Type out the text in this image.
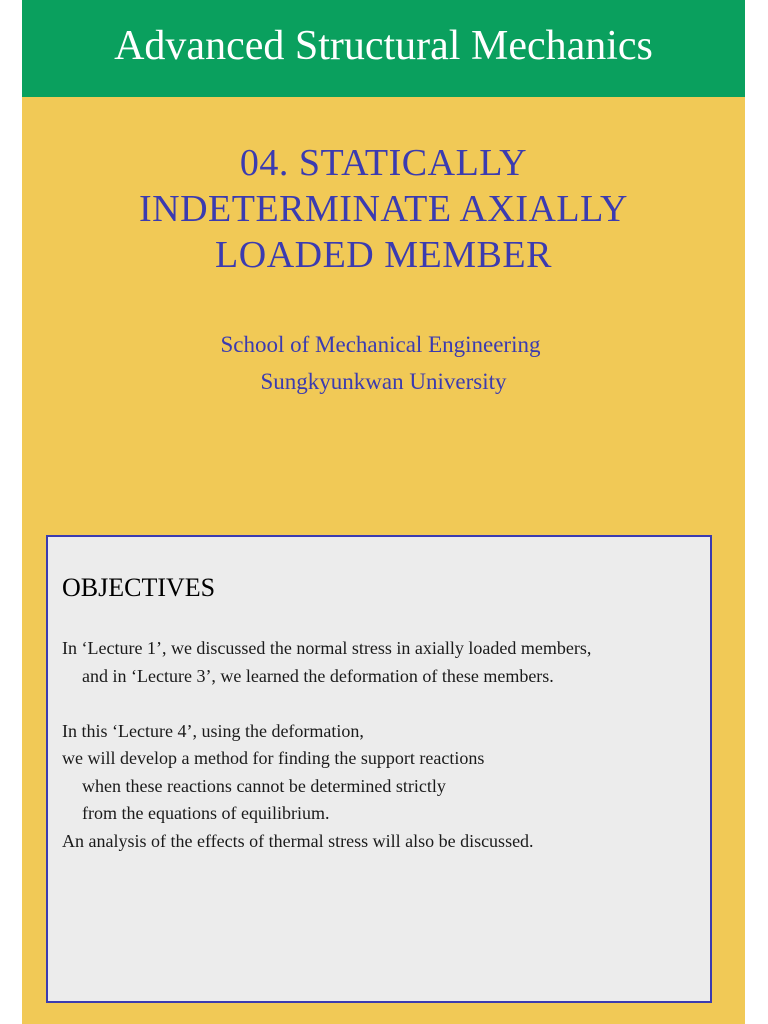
Advanced Structural Mechanics
04. STATICALLY
INDETERMINATE AXIALLY
LOADED MEMBER
School of Mechanical Engineering
Sungkyunkwan University
OBJECTIVES
In ‘Lecture 1’, we discussed the normal stress in axially loaded members,
and in ‘Lecture 3’, we learned the deformation of these members.
In this ‘Lecture 4’, using the deformation,
we will develop a method for finding the support reactions
when these reactions cannot be determined strictly
from the equations of equilibrium.
An analysis of the effects of thermal stress will also be discussed.
